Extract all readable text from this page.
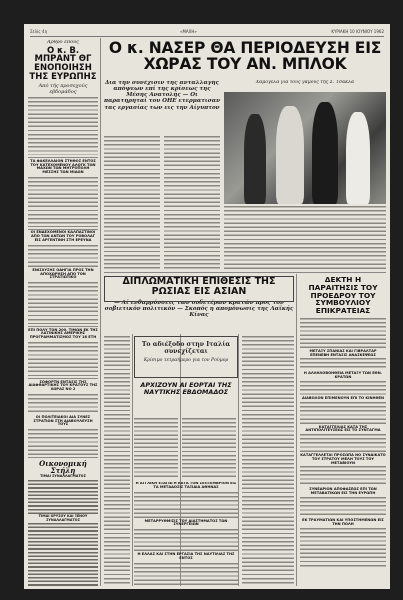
Σελίς 4η	«ΜΑΧΗ»	ΚΥΡΙΑΚΗ 10 ΙΟΥΝΙΟΥ 1962
Άρθρο έπους
Ο κ. Β. ΜΠΡΑΝΤ ΘΓ ΕΝΟΠΟΙΗΣΗ ΤΗΣ ΕΥΡΩΠΗΣ
Από τής προσεχούς εβδομάδος
ΤΑ ΦΑΚΕΛΛΑΙΟΝ ΣΤΗΘΟΣ ΕΝΤΟΣ ΤΟΥ ΚΑΤΕΧΟΜΕΝΟΥ ΑΛΟΓΚ ΤΩΝ ΜΑΧΩΝ ΤΩΝ ΜΗΤΡΟΠΟΛΗ ΜΕΣΣΗΣ ΤΩΝ ΜΙΑΩΝ
ΟΙ ΕΝΔΕΧΟΜΕΝΟΙ ΚΑΛΠΑΣΤΙΝΟΙ ΑΠΟ ΤΩΝ ΑΝΤΩΝ ΤΟΥ ΡΟΒΟΛΑΓ ΕΙΣ ΑΡΓΕΝΤΙΝΗ ΣΤΗ ΕΡΕΥΝΑ
ΕΝΙΣΧΥΣΗΣ ΟΔΗΓΙΑ ΠΡΟΣ ΤΗΝ ΑΠΟΧΩΡΗΣΗ ΑΠΟ ΤΟΝ ΣΤΡΑΤΙΩΤΙΚΟ
ΕΠΙ ΠΟΛΥ ΤΟΝ 200. ΤΙΜΩΝ ΕΚ ΤΗΣ ΛΑΤΙΝΙΚΗΣ ΑΜΕΡΙΚΗΣ ΠΡΟΓΡΑΜΜΑΤΙΣΜΟΣ ΤΟΥ 16 ΕΤΗ
ΣΟΦΟΡΤΝ ΕΝΤΑΣΙΣ ΤΗΣ ΔΙΑΦΘΑΡΤΙΚΗΣ ΤΟΥ ΚΡΑΤΟΥΣ ΤΗΣ ΧΩΡΑΣ ΝΟ 2
ΟΙ ΠΟΛΙΤΕΙΑΚΟΙ ΔΙΑ ΣΥΝΕΣ ΣΤΡΑΤΙΩΝ ΣΤΗ ΔΙΑΒΟΥΛΕΥΣΗ ΤΟΥΣ
Οικονομική Στήλη
ΤΙΜΑΙ ΣΥΝΑΛΛΑΓΜΑΤΟΣ
ΤΙΜΑΙ ΧΡΥΣΟΥ ΚΑΙ ΞΕΝΟΥ ΣΥΝΑΛΛΑΓΜΑΤΟΣ
Ο κ. ΝΑΣΕΡ ΘΑ ΠΕΡΙΟΔΕΥΣΗ ΕΙΣ ΧΩΡΑΣ ΤΟΥ ΑΝ. ΜΠΛΟΚ
Δια την συνέχισιν της ανταλλαγής απόψεων επί της κρίσεως της Μέσης Ανατολής — Οι παρατηρηταί του ΟΗΕ ετερματισαν τας εργασίας των εις την Αίγυπτον
Χαμόγελα γιά τούς γάμους τής Σ. Τσάκλα
ΔΙΠΛΩΜΑΤΙΚΗ ΕΠΙΘΕΣΙΣ ΤΗΣ ΡΩΣΙΑΣ ΕΙΣ ΑΣΙΑΝ
— Αί ενθαρρύνσεις των ουδετέρων κρατών προς τον σοβιετικόν πολιτικόν — Σκοπός η απομόνωσις της Λαϊκής Κίνας
Το αδιέξοδο στην Ιταλία συνεχίζεται
Κρίσιμο τετραήμερο για τον Ρούμορ
ΑΡΧΙΖΟΥΝ ΑΙ ΕΟΡΤΑΙ ΤΗΣ ΝΑΥΤΙΚΗΣ ΕΒΔΟΜΑΔΟΣ
Η ΑΓΓΛΙΚΗ ΕΞΑΓΩΓΗ ΚΑΤΑ ΤΟΝ ΣΕΠΤΕΜΒΡΙΟΝ ΕΙΣ ΤΑ ΜΕΤΑΔΟΣΙΣ ΤΑΞΙΔΙΑ ΑΘΗΝΑΣ
ΜΕΤΑΡΡΥΘΜΙΣΙΣ ΤΟΥ ΔΙΑΣΤΗΜΑΤΟΣ ΤΩΝ ΣΥΝΕΡΓΕΙΩΝ
Η ΕΛΛΑΣ ΚΑΙ ΣΤΗΝ ΕΡΓΑΣΙΑ ΤΗΣ ΝΑΥΤΙΛΙΑΣ ΤΗΣ ΕΝΤΟΣ
ΔΕΚΤΗ Η ΠΑΡΑΙΤΗΣΙΣ ΤΟΥ ΠΡΟΕΔΡΟΥ ΤΟΥ ΣΥΜΒΟΥΛΙΟΥ ΕΠΙΚΡΑΤΕΙΑΣ
ΜΕΤΑΞΥ ΣΠΑΝΙΑΣ ΚΑΙ ΓΙΒΡΑΛΤΑΡ ΕΠΕΝΕΒΗ ΕΝΤΑΣΙΣ ΑΝΑΣΚΕΨΕΩΣ
Η ΑΛΛΗΛΟΒΟΗΘΕΙΑ ΜΕΤΑΞΥ ΤΩΝ ΕΘΝ. ΚΡΑΤΩΝ
ΔΙΑΒΟΛΟΝ ΕΠΙΜΕΝΟΥΝ ΕΠΙ ΤΟ ΚΙΝΗΘΕΝ
ΚΑΤΑΓΓΕΛΙΑΣ ΚΑΤΑ ΤΗΣ ΑΝΤΙΠΟΛΙΤΕΥΣΕΩΣ ΕΙΣ ΤΟ ΣΥΝΤΑΓΜΑ
ΚΑΤΑΓΓΕΛΛΕΤΑΙ ΠΡΟΣΩΠΑ ΝΟ ΣΥΝΔΙΚΑΤΟ ΤΟΥ ΣΤΡΑΤΟΥ ΜΕΛΗ ΤΟΥΣ ΤΟΥ ΜΕΤΑΒΙΟΥΝ
ΣΥΝΕΔΡΙΟΝ ΑΠΟΦΑΣΕΩΣ ΕΠΙ ΤΩΝ ΜΕΤΑΒΑΤΙΚΩΝ ΕΙΣ ΤΗΝ ΕΥΡΩΠΗ
ΕΚ ΤΡΑΥΜΑΤΙΩΝ ΚΑΙ ΥΠΟΣΤΗΜΕΝΩΝ ΕΙΣ ΤΗΝ ΠΟΛΗ
